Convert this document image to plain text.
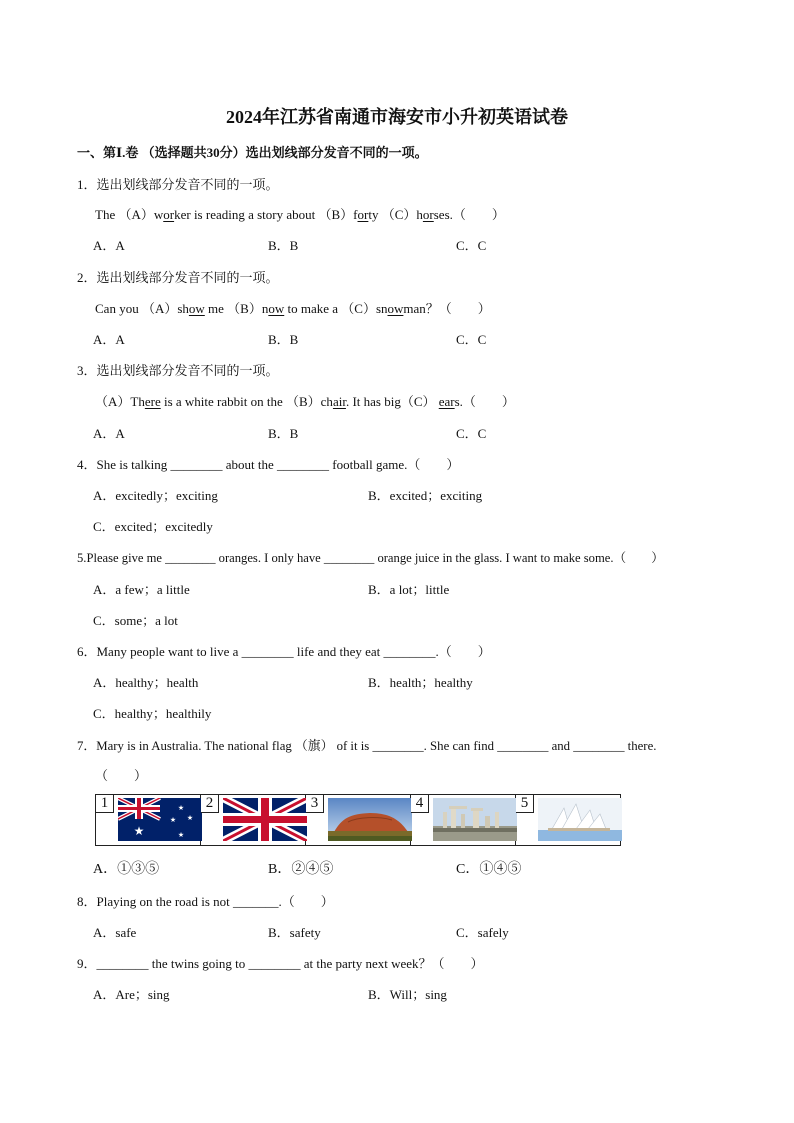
2024年江苏省南通市海安市小升初英语试卷
一、第Ⅰ.卷 （选择题共30分）选出划线部分发音不同的一项。
1．选出划线部分发音不同的一项。
The （A）worker is reading a story about （B）forty （C）horses.（　　）
A．A	B．B	C．C
2．选出划线部分发音不同的一项。
Can you （A）show me （B）now to make a （C）snowman？（　　）
A．A	B．B	C．C
3．选出划线部分发音不同的一项。
（A）There is a white rabbit on the （B）chair. It has big（C） ears.（　　）
A．A	B．B	C．C
4．She is talking ________ about the ________ football game.（　　）
A．excitedly；exciting	B．excited；exciting
C．excited；excitedly
5.Please give me ________ oranges. I only have ________ orange juice in the glass. I want to make some.（　　）
A．a few；a little	B．a lot；little
C．some；a lot
6．Many people want to live a ________ life and they eat ________.（　　）
A．healthy；health	B．health；healthy
C．healthy；healthily
7．Mary is in Australia. The national flag （旗） of it is ________. She can find ________ and ________ there.
（　　）
1
★
★
★
★
★
2	3	4	5
A．①③⑤	B．②④⑤	C．①④⑤
8．Playing on the road is not _______.（　　）
A．safe	B．safety	C．safely
9．________ the twins going to ________ at the party next week？（　　）
A．Are；sing	B．Will；sing
